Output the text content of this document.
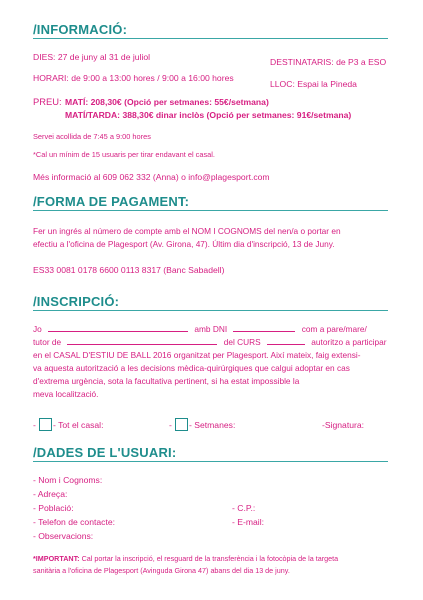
/INFORMACIÓ:
DIES: 27 de juny al 31 de juliol	DESTINATARIS: de P3 a ESO
HORARI: de 9:00 a 13:00 hores / 9:00 a 16:00 hores
LLOC: Espai la Pineda
PREU: MATÍ: 208,30€ (Opció per setmanes: 55€/setmana)
MATÍ/TARDA: 388,30€ dinar inclòs (Opció per setmanes: 91€/setmana)
Servei acollida de 7:45 a 9:00 hores
*Cal un mínim de 15 usuaris per tirar endavant el casal.
Més informació al 609 062 332 (Anna) o info@plagesport.com
/FORMA DE PAGAMENT:
Fer un ingrés al número de compte amb el NOM I COGNOMS del nen/a o portar en
efectiu a l'oficina de Plagesport (Av. Girona, 47). Últim dia d'inscripció, 13 de Juny.
ES33 0081 0178 6600 0113 8317 (Banc Sabadell)
/INSCRIPCIÓ:
Jo	amb DNI	com a pare/mare/
tutor de	del CURS	autoritzo a participar
en el CASAL D'ESTIU DE BALL 2016 organitzat per Plagesport. Així mateix, faig extensi-
va aquesta autorització a les decisions mèdica-quirúrgiques que calgui adoptar en cas
d'extrema urgència, sota la facultativa pertinent, si ha estat impossible la
meva localització.
- - Tot el casal:	- - Setmanes:	-Signatura:
/DADES DE L'USUARI:
- Nom i Cognoms:
- Adreça:
- Població:	- C.P.:
- Telefon de contacte:	- E-mail:
- Observacions:
*IMPORTANT: Cal portar la inscripció, el resguard de la transferència i la fotocòpia de la targeta
sanitària a l'oficina de Plagesport (Avinguda Girona 47) abans del dia 13 de juny.
